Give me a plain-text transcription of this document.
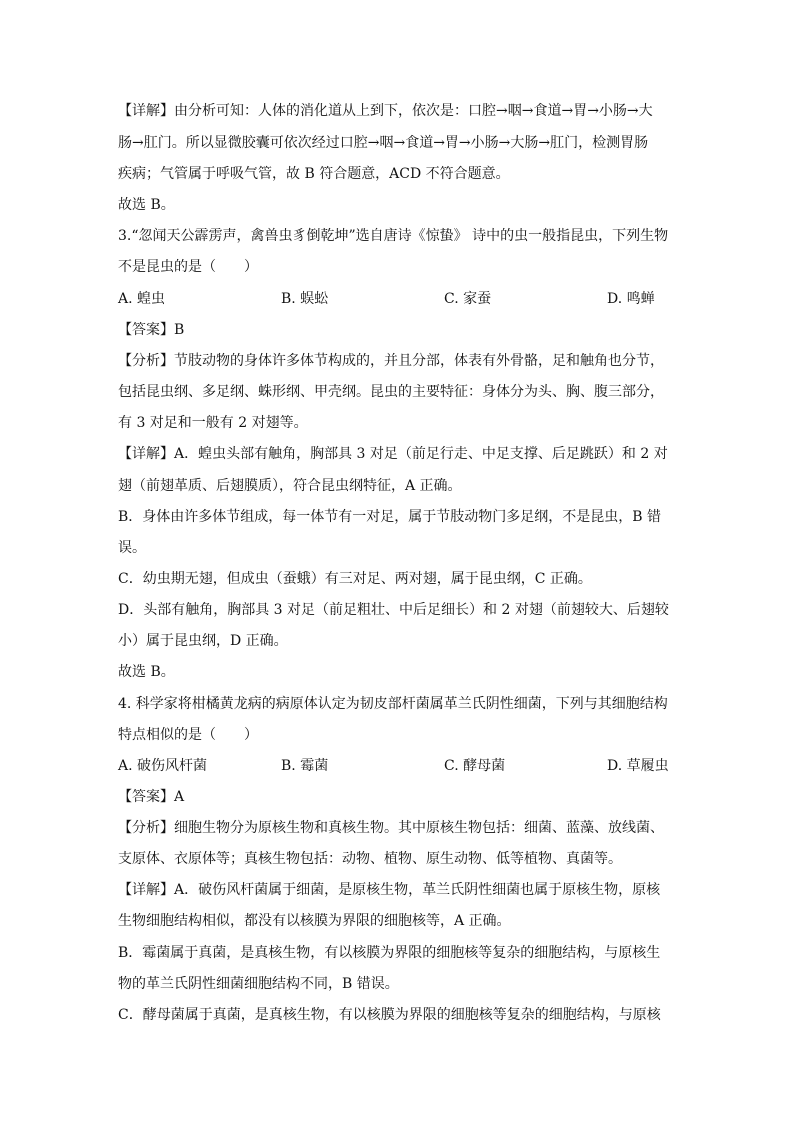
【详解】由分析可知：人体的消化道从上到下，依次是：口腔→咽→食道→胃→小肠→大
肠→肛门。所以显微胶囊可依次经过口腔→咽→食道→胃→小肠→大肠→肛门，检测胃肠
疾病；气管属于呼吸气管，故 B 符合题意，ACD 不符合题意。
故选 B。
3.“忽闻天公霹雳声，禽兽虫豸倒乾坤”选自唐诗《惊蛰》 诗中的虫一般指昆虫，下列生物
不是昆虫的是（　　）
A. 蝗虫	B. 蜈蚣	C. 家蚕	D. 鸣蝉
【答案】B
【分析】节肢动物的身体许多体节构成的，并且分部，体表有外骨骼，足和触角也分节，
包括昆虫纲、多足纲、蛛形纲、甲壳纲。昆虫的主要特征：身体分为头、胸、腹三部分，
有 3 对足和一般有 2 对翅等。
【详解】A．蝗虫头部有触角，胸部具 3 对足（前足行走、中足支撑、后足跳跃）和 2 对
翅（前翅革质、后翅膜质），符合昆虫纲特征，A 正确。
B．身体由许多体节组成，每一体节有一对足，属于节肢动物门多足纲，不是昆虫，B 错
误。
C．幼虫期无翅，但成虫（蚕蛾）有三对足、两对翅，属于昆虫纲，C 正确。
D．头部有触角，胸部具 3 对足（前足粗壮、中后足细长）和 2 对翅（前翅较大、后翅较
小）属于昆虫纲，D 正确。
故选 B。
4. 科学家将柑橘黄龙病的病原体认定为韧皮部杆菌属革兰氏阴性细菌，下列与其细胞结构
特点相似的是（　　）
A. 破伤风杆菌	B. 霉菌	C. 酵母菌	D. 草履虫
【答案】A
【分析】细胞生物分为原核生物和真核生物。其中原核生物包括：细菌、蓝藻、放线菌、
支原体、衣原体等；真核生物包括：动物、植物、原生动物、低等植物、真菌等。
【详解】A．破伤风杆菌属于细菌，是原核生物，革兰氏阴性细菌也属于原核生物，原核
生物细胞结构相似，都没有以核膜为界限的细胞核等，A 正确。
B．霉菌属于真菌，是真核生物，有以核膜为界限的细胞核等复杂的细胞结构，与原核生
物的革兰氏阴性细菌细胞结构不同，B 错误。
C．酵母菌属于真菌，是真核生物，有以核膜为界限的细胞核等复杂的细胞结构，与原核
